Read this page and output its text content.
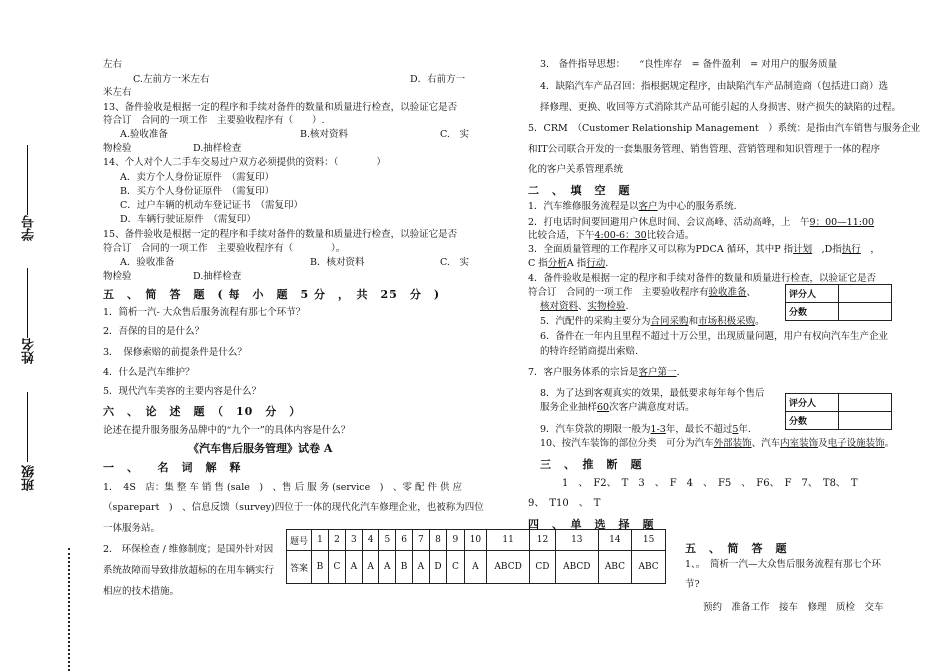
学号
姓名
班级
左右
C.左前方一米左右	D．右前方一
米左右
13、备件验收是根据一定的程序和手续对备件的数量和质量进行检查，以验证它是否
符合订　合同的一项工作　主要验收程序有（　　）.
A.验收准备	B.核对资料	C.　实
物检验	D.抽样检查
14、个人对个人二手车交易过户双方必须提供的资料：（　　　　）
A．卖方个人身份证原件　（需复印）
B．买方个人身份证原件　（需复印）
C．过户车辆的机动车登记证书　（需复印）
D．车辆行驶证原件　（需复印）
15、备件验收是根据一定的程序和手续对备件的数量和质量进行检查，以验证它是否
符合订　合同的一项工作　主要验收程序有（　　　　）。
A．验收准备	B．核对资料	C.　实
物检验	D.抽样检查
五　、　简　答　题　( 每　小　题　5 分　，　共　25　分　)
1．简析一汽- 大众售后服务流程有那七个环节？
2．吾保的目的是什么？
3．　保修索赔的前提条件是什么？
4．什么是汽车维护？
5．现代汽车美容的主要内容是什么？
六　、　论　述　题　（　10　分　）
论述在提升服务服务品牌中的“九个一”的具体内容是什么？
《汽车售后服务管理》试卷 A
一　、　　名　词　解　释
1．　4S　店：集 整 车 销 售 (sale　)　、售 后 服 务 (service　)　、零 配 件 供 应
（sparepart　)　、信息反馈（survey)四位于一体的现代化汽车修理企业，也被称为四位
一体服务站。
2.　环保检查 / 维修制度；是国外针对因
系统故障而导致排放超标的在用车辆实行
相应的技术措施。
题号	1	2	3	4	5	6	7	8	9	10	11	12	13	14	15
答案	B	C	A	A	A	B	A	D	C	A	ABCD	CD	ABCD	ABC	ABC
3.　备件指导思想：　　“良性库存　= 备件盈利　= 对用户的服务质量
4．缺陷汽车产品召回：指根据规定程序，由缺陷汽车产品制造商（包括进口商）选
择修理、更换、收回等方式消除其产品可能引起的人身损害、财产损失的缺陷的过程。
5．CRM　（Customer Relationship Management　）系统：是指由汽车销售与服务企业
和IT公司联合开发的一套集服务管理、销售管理、营销管理和知识管理于一体的程序
化的客户关系管理系统
二　、　填　空　题
1．汽车维修服务流程是以客户为中心的服务系统.
2．打电话时间要回避用户休息时间、会议高峰、活动高峰，上　午9：00—11:00
比较合适，下午4:00-6：30比较合适。
3．全面质量管理的工作程序又可以称为PDCA 循环，其中P 指计划　 ,D指执行　 ，
C 指分析A 指行动.
4．备件验收是根据一定的程序和手续对备件的数量和质量进行检查，以验证它是否
符合订　合同的一项工作　主要验收程序有验收准备、
核对资料、实物检验.
5．汽配件的采购主要分为合同采购和市场积极采购。
6．备件在一年内且里程不超过十万公里，出现质量问题，用户有权向汽车生产企业
的特许经销商提出索赔.
7．客户服务体系的宗旨是客户第一.
8．为了达到客观真实的效果，最低要求每年每个售后
服务企业抽样60次客户满意度对话。
9．汽车贷款的期限一般为1-3年，最长不超过5年.
10、按汽车装饰的部位分类　可分为汽车外部装饰、汽车内室装饰及电子设施装饰。
评分人	
分数	
评分人	
分数	
三　、　推　断　题
1　、　F2、　T　3　、　F　4　、　F5　、　F6、　F　7、　T8、　T
9、　T10　、　T
四　、　单　选　择　题
五　、　简　答　题
1、。　简析一汽—大众售后服务流程有那七个环
节?
预约　准备工作　接车　修理　质检　交车
